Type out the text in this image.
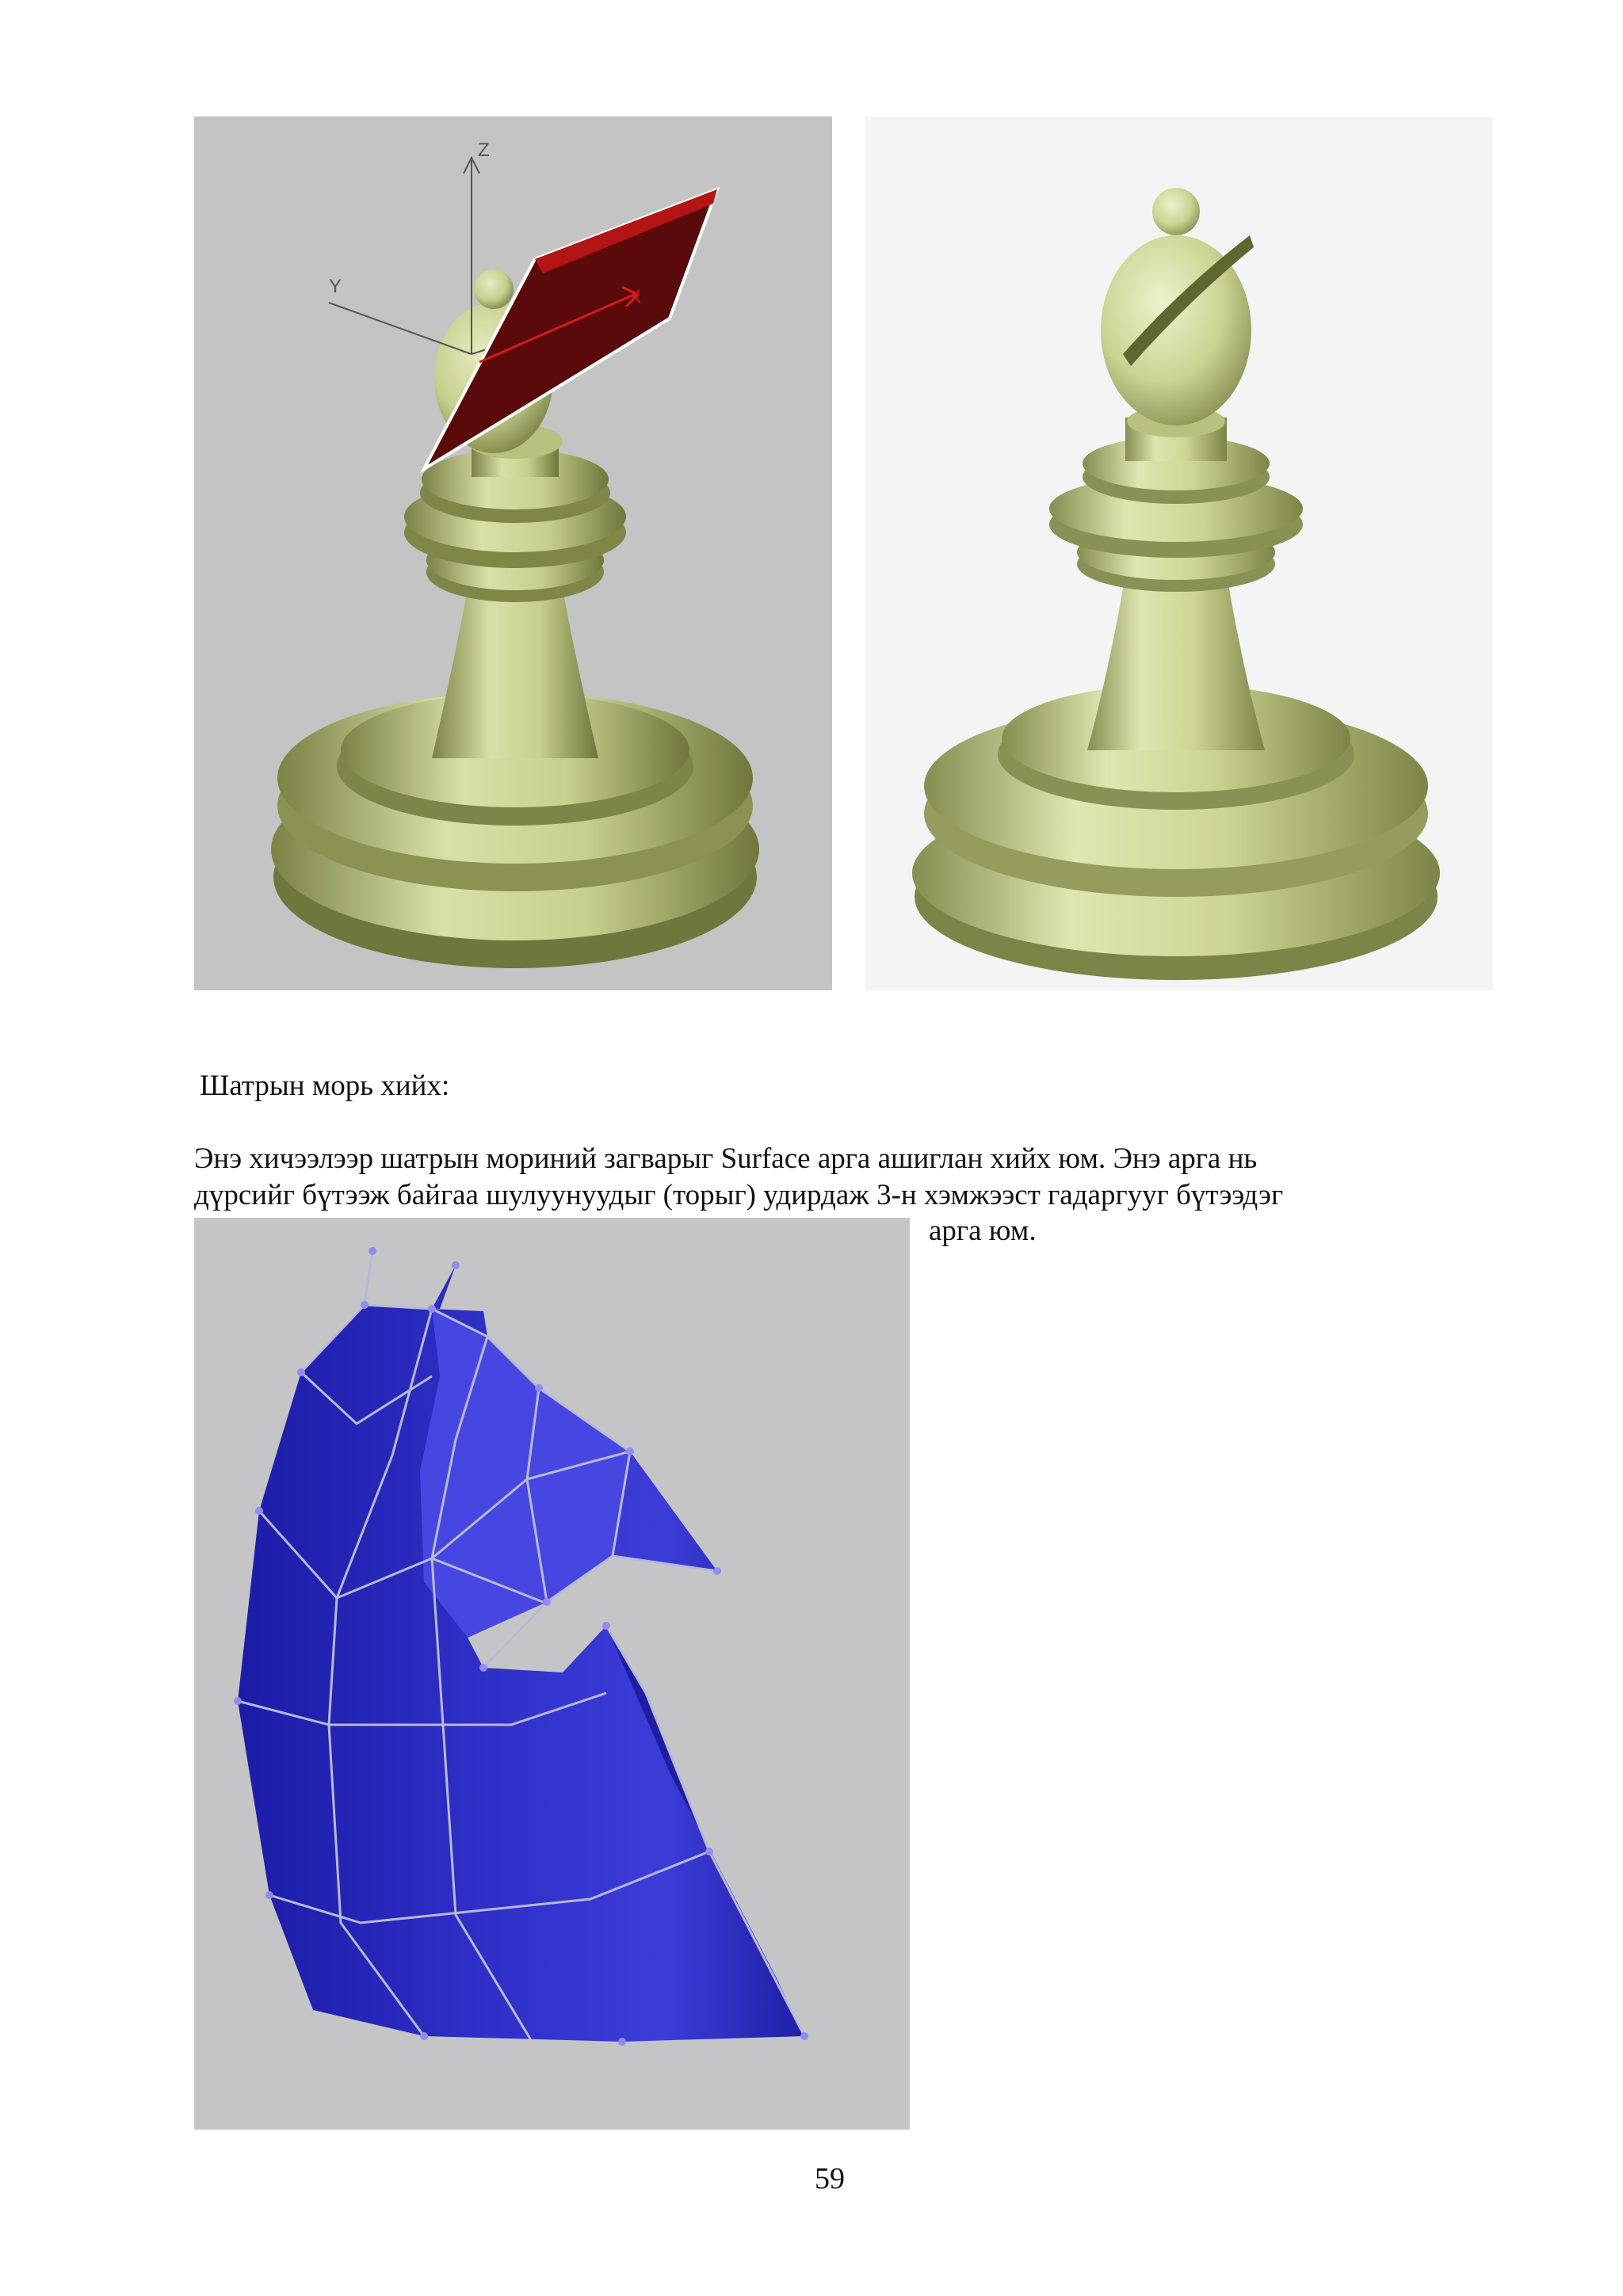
Z
Y	X
Шатрын морь хийх:
Энэ хичээлээр шатрын мориний загварыг Surface арга ашиглан хийх юм. Энэ арга нь
дүрсийг бүтээж байгаа шулуунуудыг (торыг) удирдаж 3-н хэмжээст гадаргууг бүтээдэг
арга юм.
59
